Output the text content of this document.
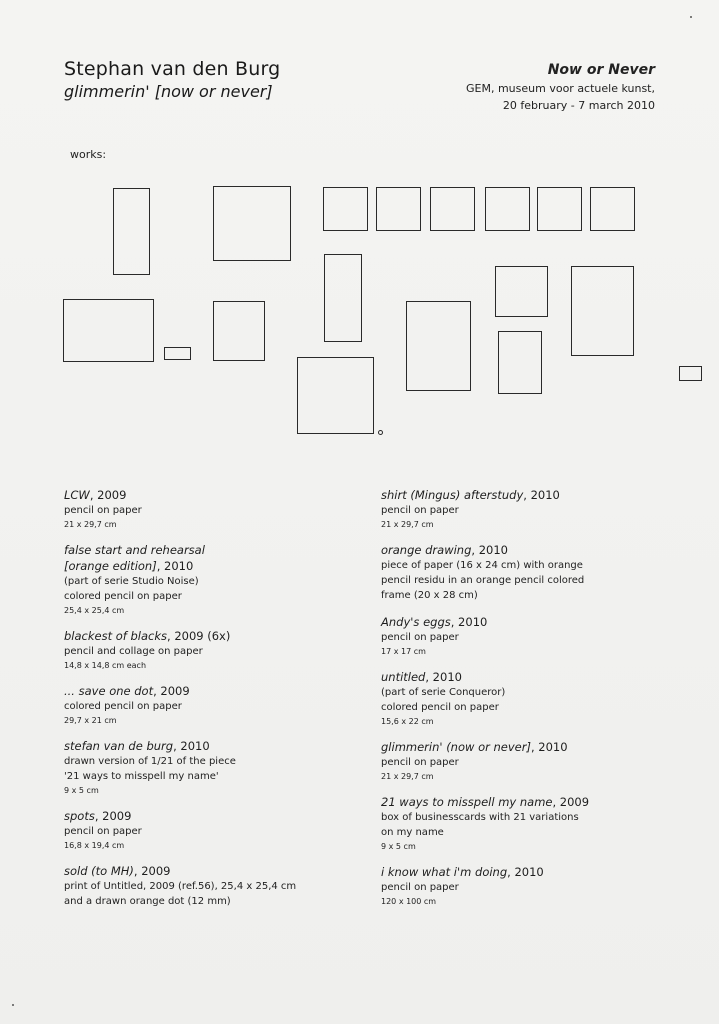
Stephan van den Burg
glimmerin' [now or never]
Now or Never
GEM, museum voor actuele kunst,
20 february - 7 march 2010
works:
LCW, 2009
pencil on paper
21 x 29,7 cm
false start and rehearsal
[orange edition], 2010
(part of serie Studio Noise)
colored pencil on paper
25,4 x 25,4 cm
blackest of blacks, 2009 (6x)
pencil and collage on paper
14,8 x 14,8 cm each
... save one dot, 2009
colored pencil on paper
29,7 x 21 cm
stefan van de burg, 2010
drawn version of 1/21 of the piece
'21 ways to misspell my name'
9 x 5 cm
spots, 2009
pencil on paper
16,8 x 19,4 cm
sold (to MH), 2009
print of Untitled, 2009 (ref.56), 25,4 x 25,4 cm
and a drawn orange dot (12 mm)
shirt (Mingus) afterstudy, 2010
pencil on paper
21 x 29,7 cm
orange drawing, 2010
piece of paper (16 x 24 cm) with orange
pencil residu in an orange pencil colored
frame (20 x 28 cm)
Andy's eggs, 2010
pencil on paper
17 x 17 cm
untitled, 2010
(part of serie Conqueror)
colored pencil on paper
15,6 x 22 cm
glimmerin' (now or never], 2010
pencil on paper
21 x 29,7 cm
21 ways to misspell my name, 2009
box of businesscards with 21 variations
on my name
9 x 5 cm
i know what i'm doing, 2010
pencil on paper
120 x 100 cm
